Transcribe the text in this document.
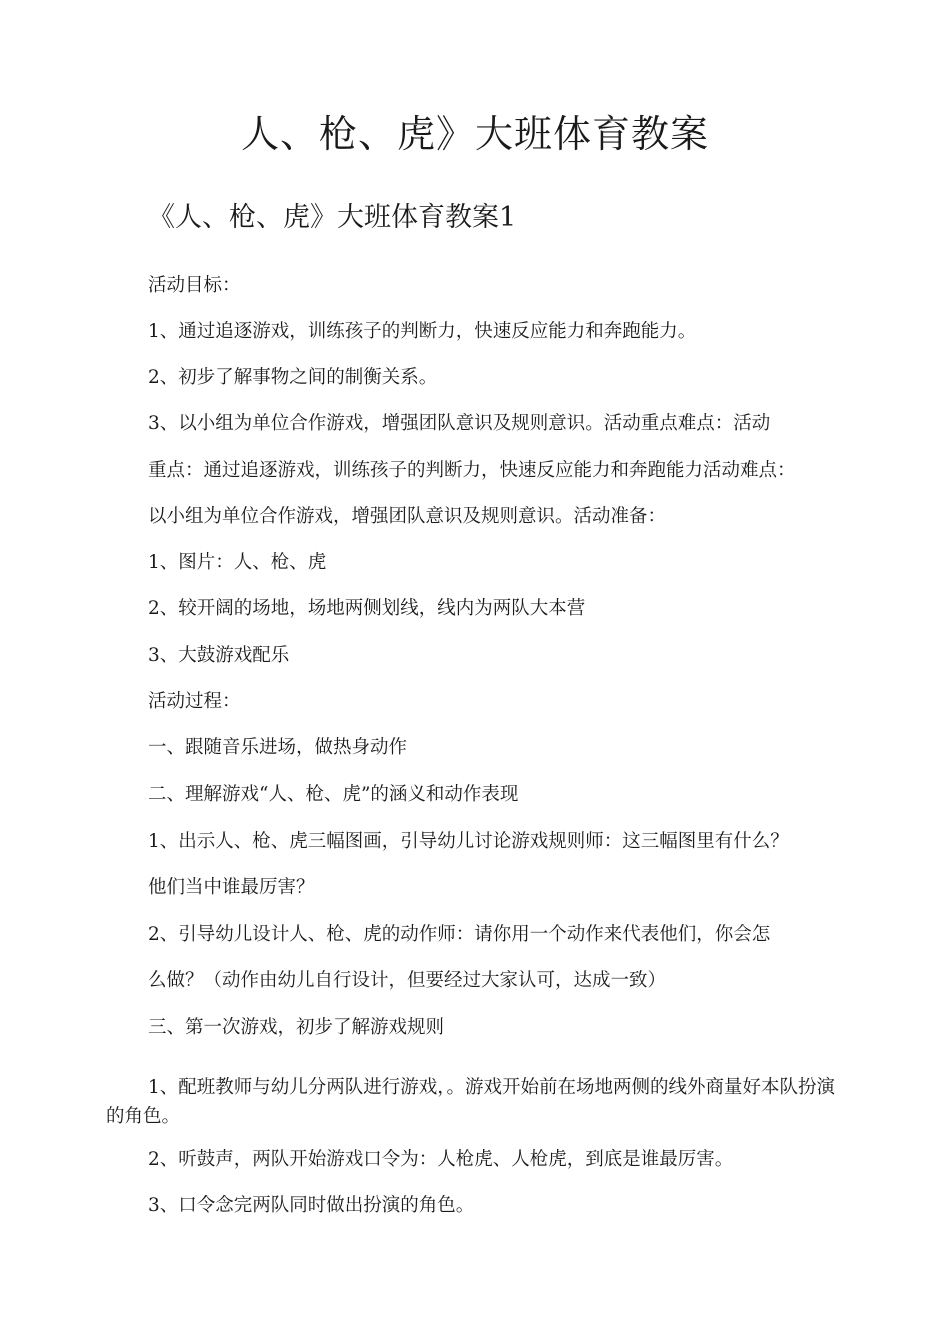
人、枪、虎》大班体育教案
《人、枪、虎》大班体育教案1
活动目标：
1、通过追逐游戏，训练孩子的判断力，快速反应能力和奔跑能力。
2、初步了解事物之间的制衡关系。
3、以小组为单位合作游戏，增强团队意识及规则意识。活动重点难点：活动
重点：通过追逐游戏，训练孩子的判断力，快速反应能力和奔跑能力活动难点：
以小组为单位合作游戏，增强团队意识及规则意识。活动准备：
1、图片：人、枪、虎
2、较开阔的场地，场地两侧划线，线内为两队大本营
3、大鼓游戏配乐
活动过程：
一、跟随音乐进场，做热身动作
二、理解游戏“人、枪、虎”的涵义和动作表现
1、出示人、枪、虎三幅图画，引导幼儿讨论游戏规则师：这三幅图里有什么？
他们当中谁最厉害？
2、引导幼儿设计人、枪、虎的动作师：请你用一个动作来代表他们，你会怎
么做？（动作由幼儿自行设计，但要经过大家认可，达成一致）
三、第一次游戏，初步了解游戏规则
1、配班教师与幼儿分两队进行游戏，。游戏开始前在场地两侧的线外商量好本队扮演的角色。
2、听鼓声，两队开始游戏口令为：人枪虎、人枪虎，到底是谁最厉害。
3、口令念完两队同时做出扮演的角色。
